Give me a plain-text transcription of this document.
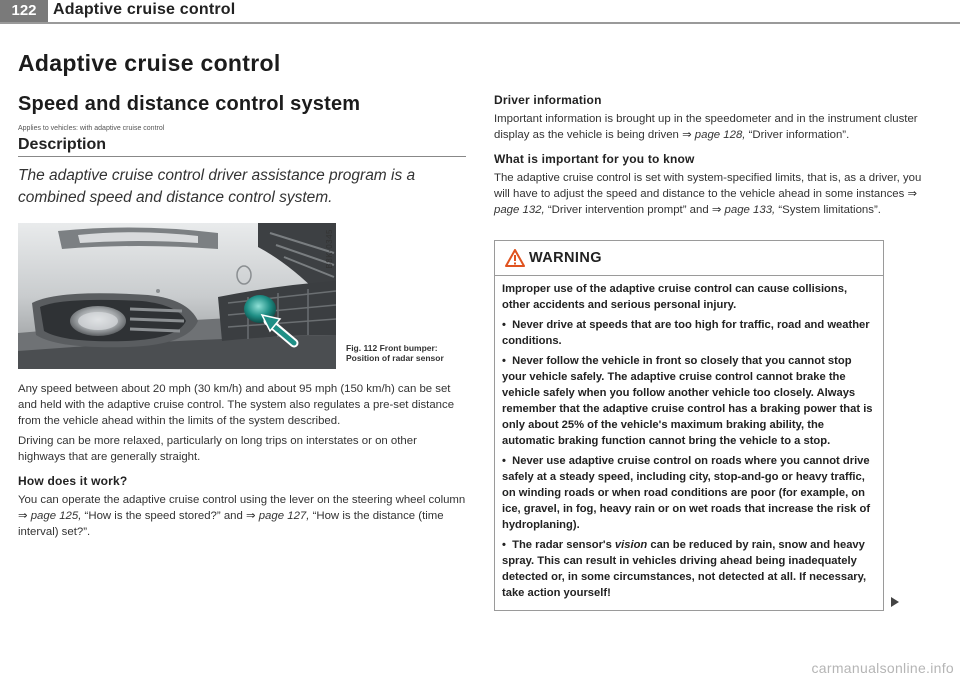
122	Adaptive cruise control
Adaptive cruise control
Speed and distance control system
Applies to vehicles: with adaptive cruise control
Description

The adaptive cruise control driver assistance program is a combined speed and distance control system.

B8K-0345
Fig. 112 Front bumper: Position of radar sensor

Any speed between about 20 mph (30 km/h) and about 95 mph (150 km/h) can be set and held with the adaptive cruise control. The system also regulates a pre-set distance from the vehicle ahead within the limits of the system described.

Driving can be more relaxed, particularly on long trips on interstates or on other highways that are generally straight.

How does it work?

You can operate the adaptive cruise control using the lever on the steering wheel column ⇒ page 125, “How is the speed stored?” and ⇒ page 127, “How is the distance (time interval) set?”.

Driver information

Important information is brought up in the speedometer and in the instrument cluster display as the vehicle is being driven ⇒ page 128, “Driver information”.

What is important for you to know

The adaptive cruise control is set with system-specified limits, that is, as a driver, you will have to adjust the speed and distance to the vehicle ahead in some instances ⇒ page 132, “Driver intervention prompt” and ⇒ page 133, “System limitations”.

WARNING

Improper use of the adaptive cruise control can cause collisions, other accidents and serious personal injury.

•  Never drive at speeds that are too high for traffic, road and weather conditions.

•  Never follow the vehicle in front so closely that you cannot stop your vehicle safely. The adaptive cruise control cannot brake the vehicle safely when you follow another vehicle too closely. Always remember that the adaptive cruise control has a braking power that is only about 25% of the vehicle's maximum braking ability, the automatic braking function cannot bring the vehicle to a stop.

•  Never use adaptive cruise control on roads where you cannot drive safely at a steady speed, including city, stop-and-go or heavy traffic, on winding roads or when road conditions are poor (for example, on ice, gravel, in fog, heavy rain or on wet roads that increase the risk of hydroplaning).

•  The radar sensor's vision can be reduced by rain, snow and heavy spray. This can result in vehicles driving ahead being inadequately detected or, in some circumstances, not detected at all. If necessary, take action yourself!

carmanualsonline.info
